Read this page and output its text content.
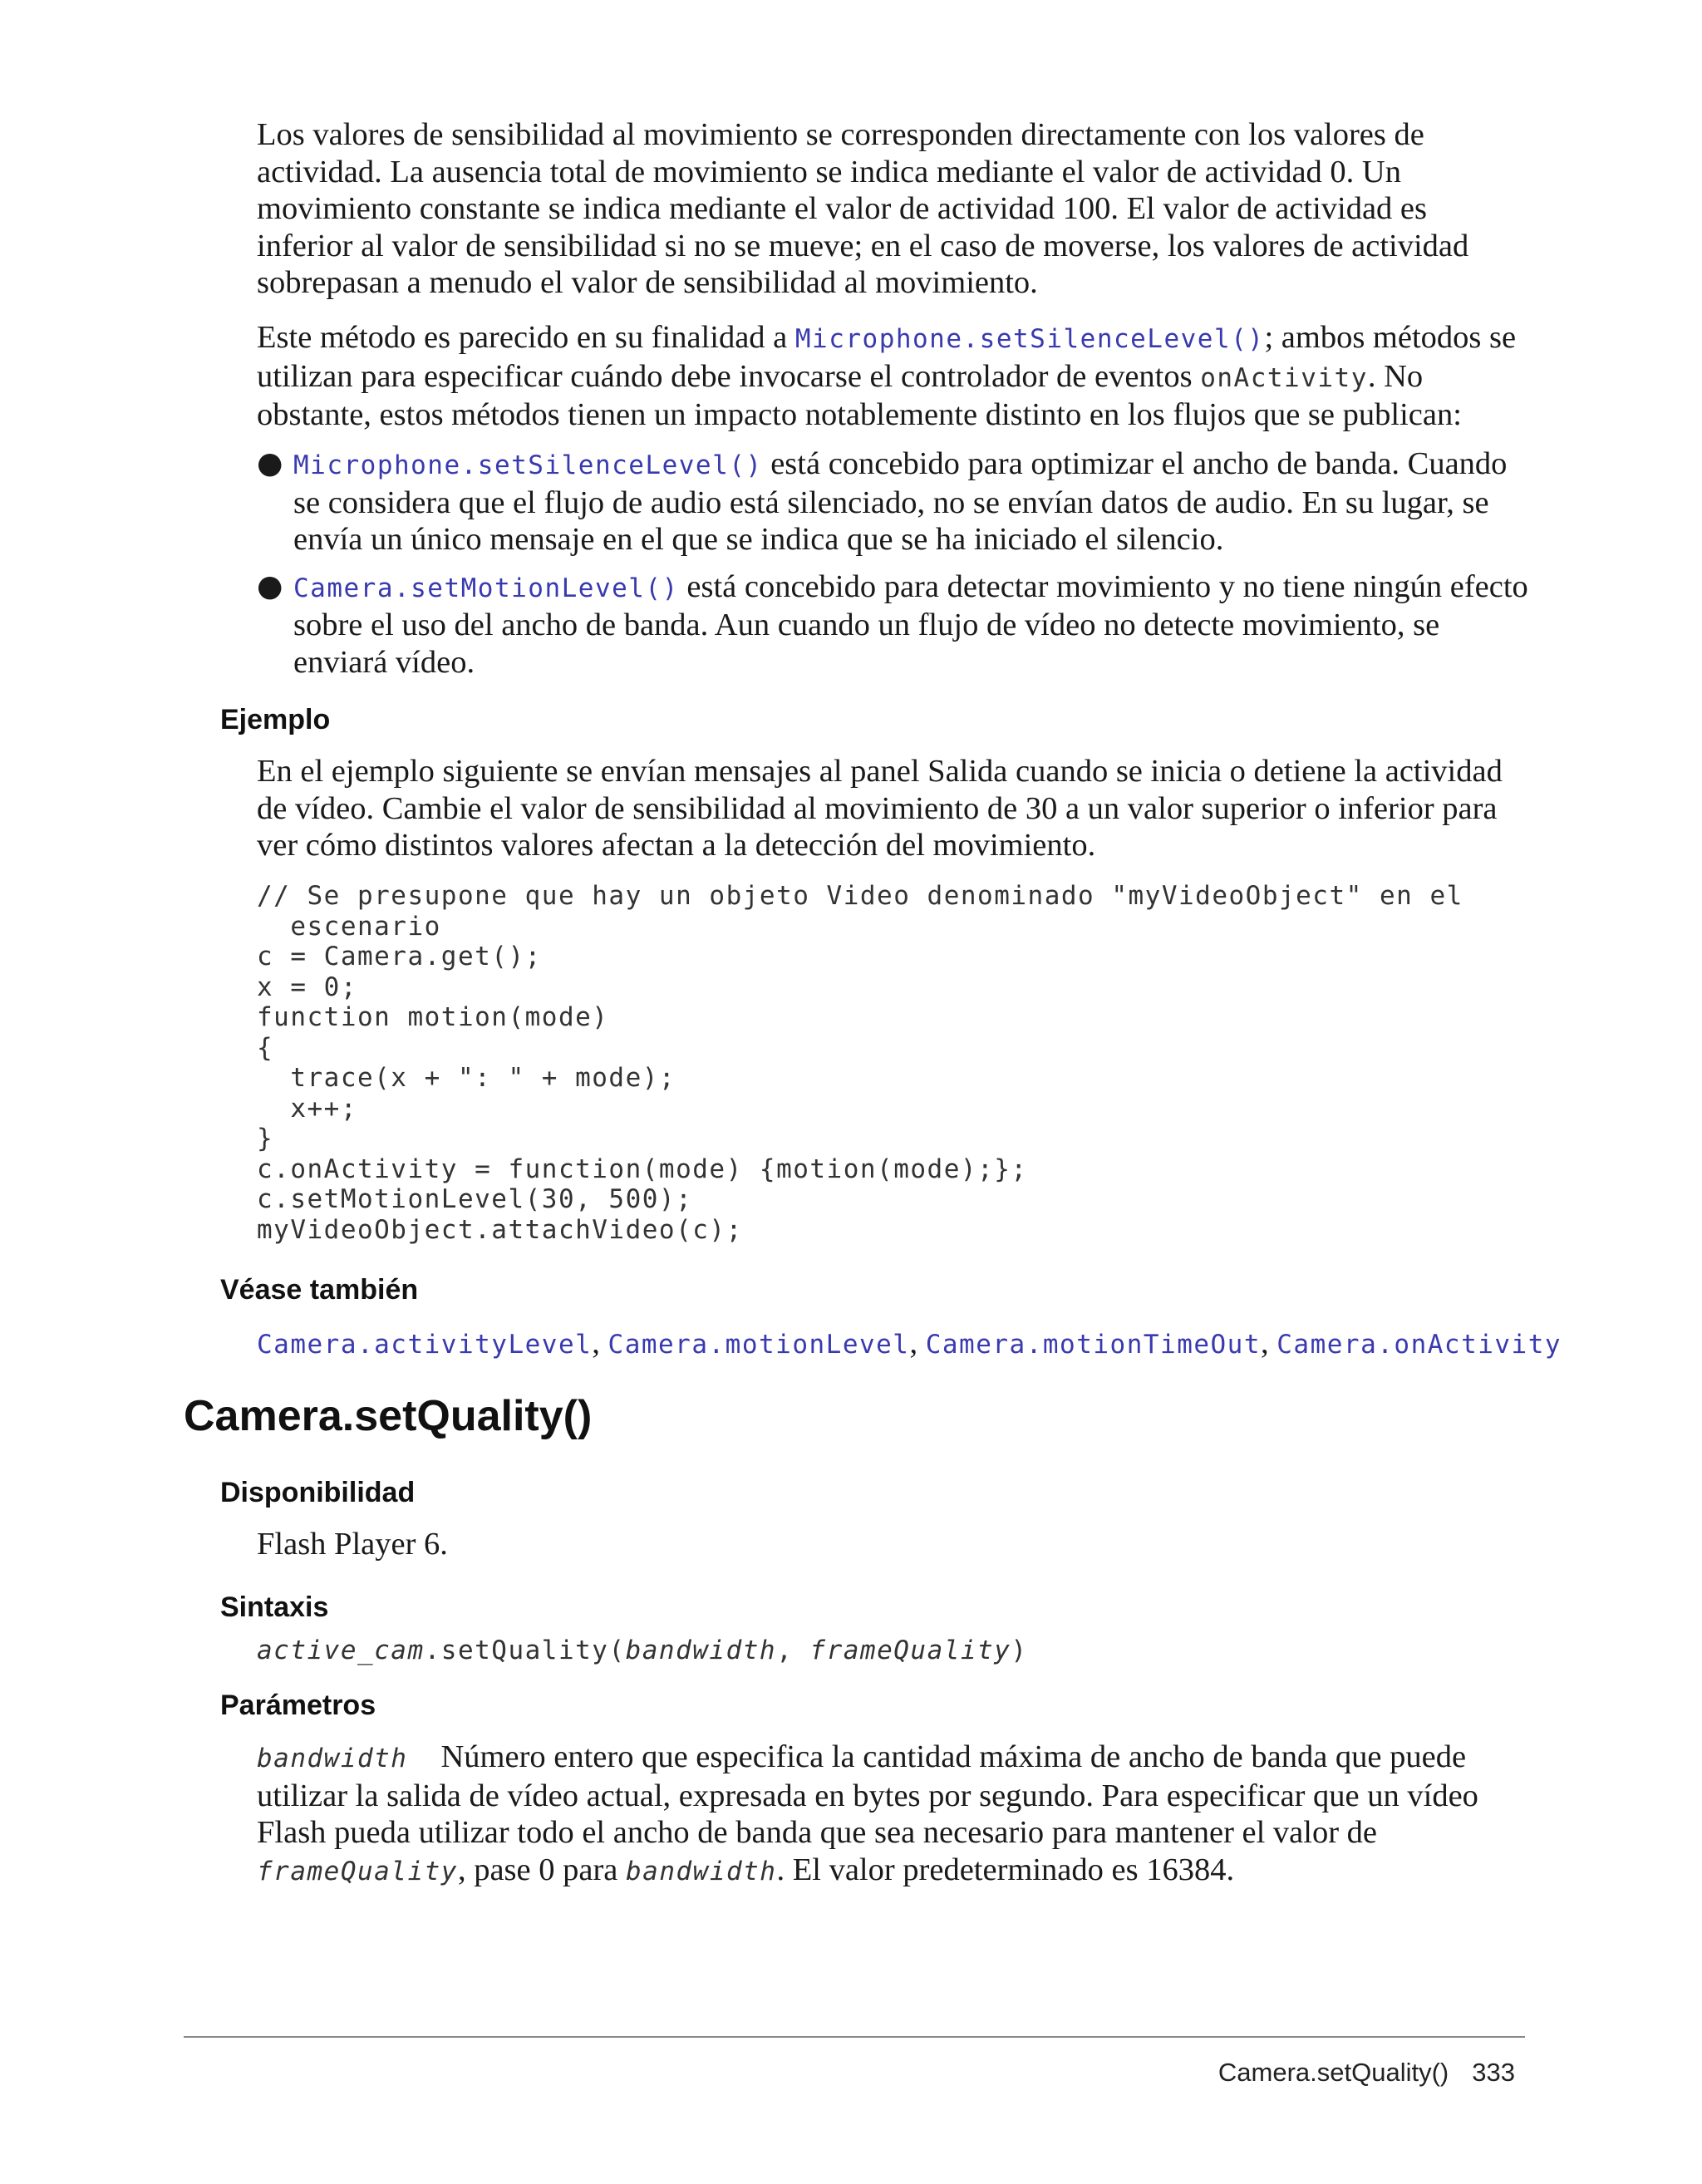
Los valores de sensibilidad al movimiento se corresponden directamente con los valores de actividad. La ausencia total de movimiento se indica mediante el valor de actividad 0. Un movimiento constante se indica mediante el valor de actividad 100. El valor de actividad es inferior al valor de sensibilidad si no se mueve; en el caso de moverse, los valores de actividad sobrepasan a menudo el valor de sensibilidad al movimiento.

Este método es parecido en su finalidad a Microphone.setSilenceLevel(); ambos métodos se utilizan para especificar cuándo debe invocarse el controlador de eventos onActivity. No obstante, estos métodos tienen un impacto notablemente distinto en los flujos que se publican:

● Microphone.setSilenceLevel() está concebido para optimizar el ancho de banda. Cuando se considera que el flujo de audio está silenciado, no se envían datos de audio. En su lugar, se envía un único mensaje en el que se indica que se ha iniciado el silencio.
● Camera.setMotionLevel() está concebido para detectar movimiento y no tiene ningún efecto sobre el uso del ancho de banda. Aun cuando un flujo de vídeo no detecte movimiento, se enviará vídeo.
Ejemplo

En el ejemplo siguiente se envían mensajes al panel Salida cuando se inicia o detiene la actividad de vídeo. Cambie el valor de sensibilidad al movimiento de 30 a un valor superior o inferior para ver cómo distintos valores afectan a la detección del movimiento.

// Se presupone que hay un objeto Video denominado "myVideoObject" en el
escenario
c = Camera.get();
x = 0;
function motion(mode)
{
trace(x + ": " + mode);
x++;
}
c.onActivity = function(mode) {motion(mode);};
c.setMotionLevel(30, 500);
myVideoObject.attachVideo(c);
Véase también

Camera.activityLevel, Camera.motionLevel, Camera.motionTimeOut, Camera.onActivity

Camera.setQuality()
Disponibilidad

Flash Player 6.

Sintaxis

active_cam.setQuality(bandwidth, frameQuality)

Parámetros

bandwidth Número entero que especifica la cantidad máxima de ancho de banda que puede utilizar la salida de vídeo actual, expresada en bytes por segundo. Para especificar que un vídeo Flash pueda utilizar todo el ancho de banda que sea necesario para mantener el valor de frameQuality, pase 0 para bandwidth. El valor predeterminado es 16384.

Camera.setQuality() 333
